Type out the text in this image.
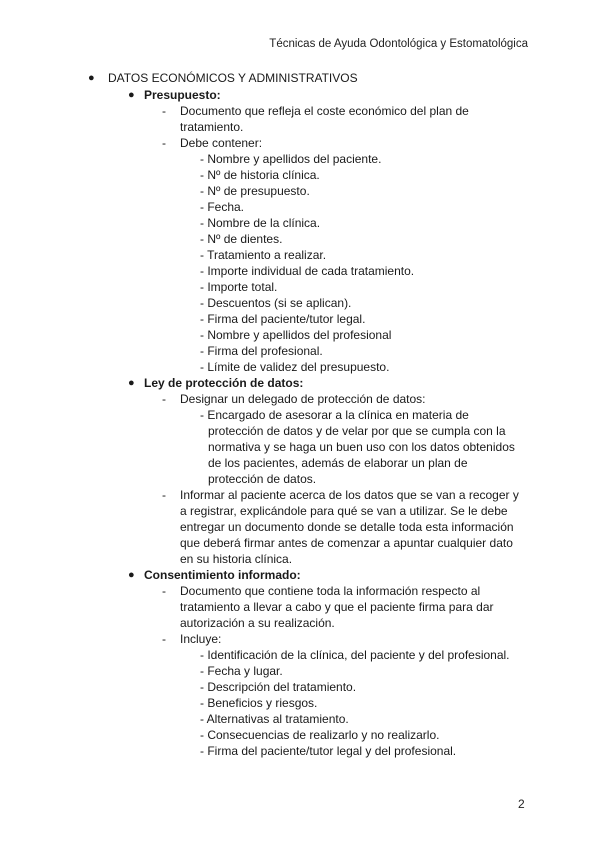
Técnicas de Ayuda Odontológica y Estomatológica
● DATOS ECONÓMICOS Y ADMINISTRATIVOS
● Presupuesto:
- Documento que refleja el coste económico del plan de
tratamiento.
- Debe contener:
- Nombre y apellidos del paciente.
- Nº de historia clínica.
- Nº de presupuesto.
- Fecha.
- Nombre de la clínica.
- Nº de dientes.
- Tratamiento a realizar.
- Importe individual de cada tratamiento.
- Importe total.
- Descuentos (si se aplican).
- Firma del paciente/tutor legal.
- Nombre y apellidos del profesional
- Firma del profesional.
- Límite de validez del presupuesto.
● Ley de protección de datos:
- Designar un delegado de protección de datos:
- Encargado de asesorar a la clínica en materia de
protección de datos y de velar por que se cumpla con la
normativa y se haga un buen uso con los datos obtenidos
de los pacientes, además de elaborar un plan de
protección de datos.
- Informar al paciente acerca de los datos que se van a recoger y
a registrar, explicándole para qué se van a utilizar. Se le debe
entregar un documento donde se detalle toda esta información
que deberá firmar antes de comenzar a apuntar cualquier dato
en su historia clínica.
● Consentimiento informado:
- Documento que contiene toda la información respecto al
tratamiento a llevar a cabo y que el paciente firma para dar
autorización a su realización.
- Incluye:
- Identificación de la clínica, del paciente y del profesional.
- Fecha y lugar.
- Descripción del tratamiento.
- Beneficios y riesgos.
- Alternativas al tratamiento.
- Consecuencias de realizarlo y no realizarlo.
- Firma del paciente/tutor legal y del profesional.
2
